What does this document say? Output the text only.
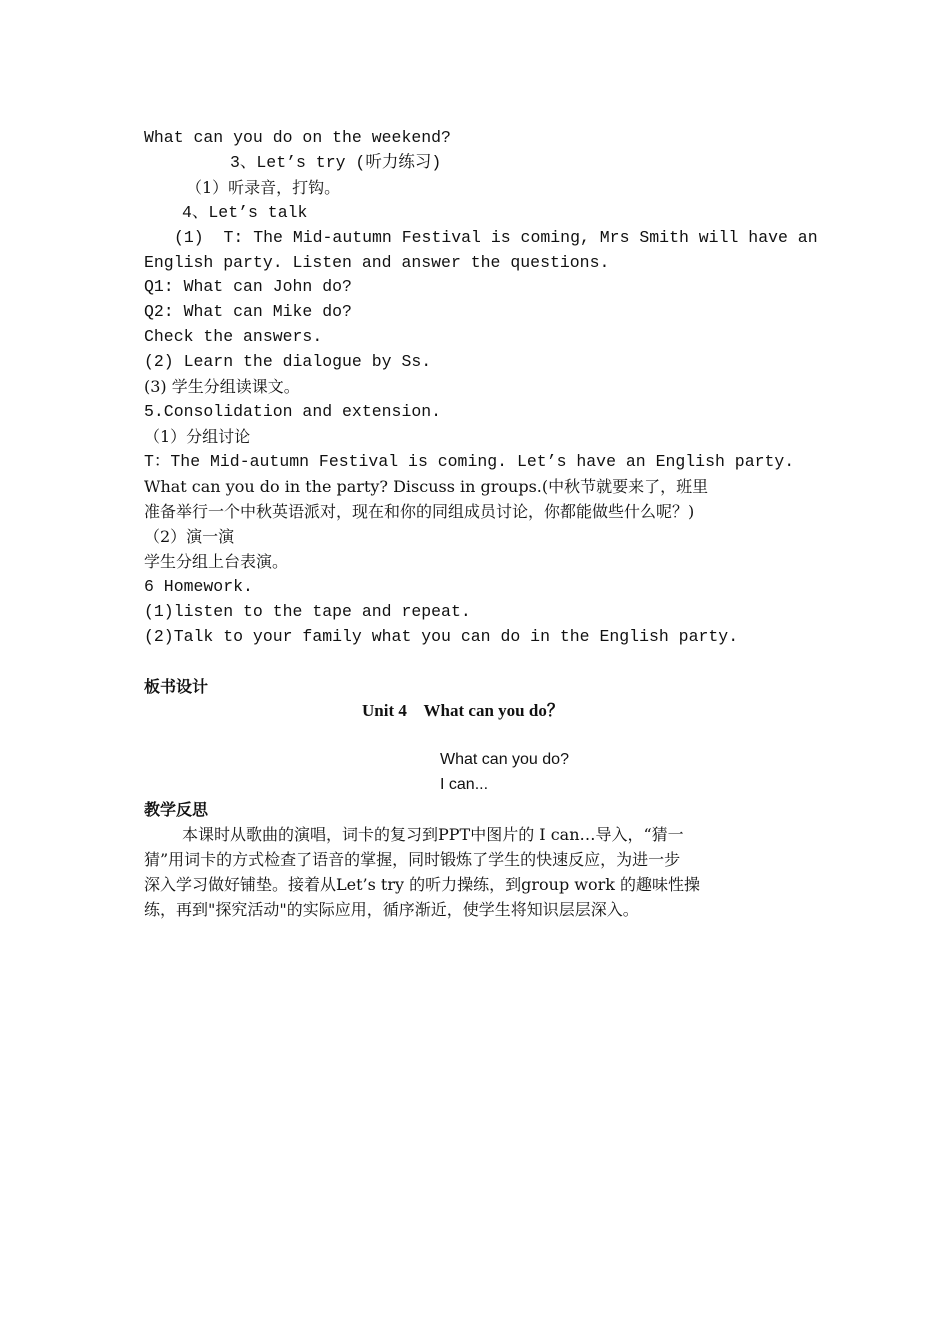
What can you do on the weekend?
3、Let’s try (听力练习)
（1）听录音，打钩。
4、Let’s talk
(1)  T: The Mid-autumn Festival is coming, Mrs Smith will have an
English party. Listen and answer the questions.
Q1: What can John do?
Q2: What can Mike do?
Check the answers.
(2) Learn the dialogue by Ss.
(3) 学生分组读课文。
5.Consolidation and extension.
（1）分组讨论
T：The Mid-autumn Festival is coming. Let’s have an English party.
What can you do in the party? Discuss in groups.(中秋节就要来了，班里
准备举行一个中秋英语派对，现在和你的同组成员讨论，你都能做些什么呢？)
（2）演一演
学生分组上台表演。
6 Homework.
(1)listen to the tape and repeat.
(2)Talk to your family what you can do in the English party.
板书设计
Unit 4    What can you do？
What can you do?
I can...
教学反思
本课时从歌曲的演唱，词卡的复习到PPT中图片的 I can…导入，“猜一
猜”用词卡的方式检查了语音的掌握，同时锻炼了学生的快速反应，为进一步
深入学习做好铺垫。接着从Let’s try 的听力操练，到group work 的趣味性操
练，再到"探究活动"的实际应用，循序渐近，使学生将知识层层深入。
